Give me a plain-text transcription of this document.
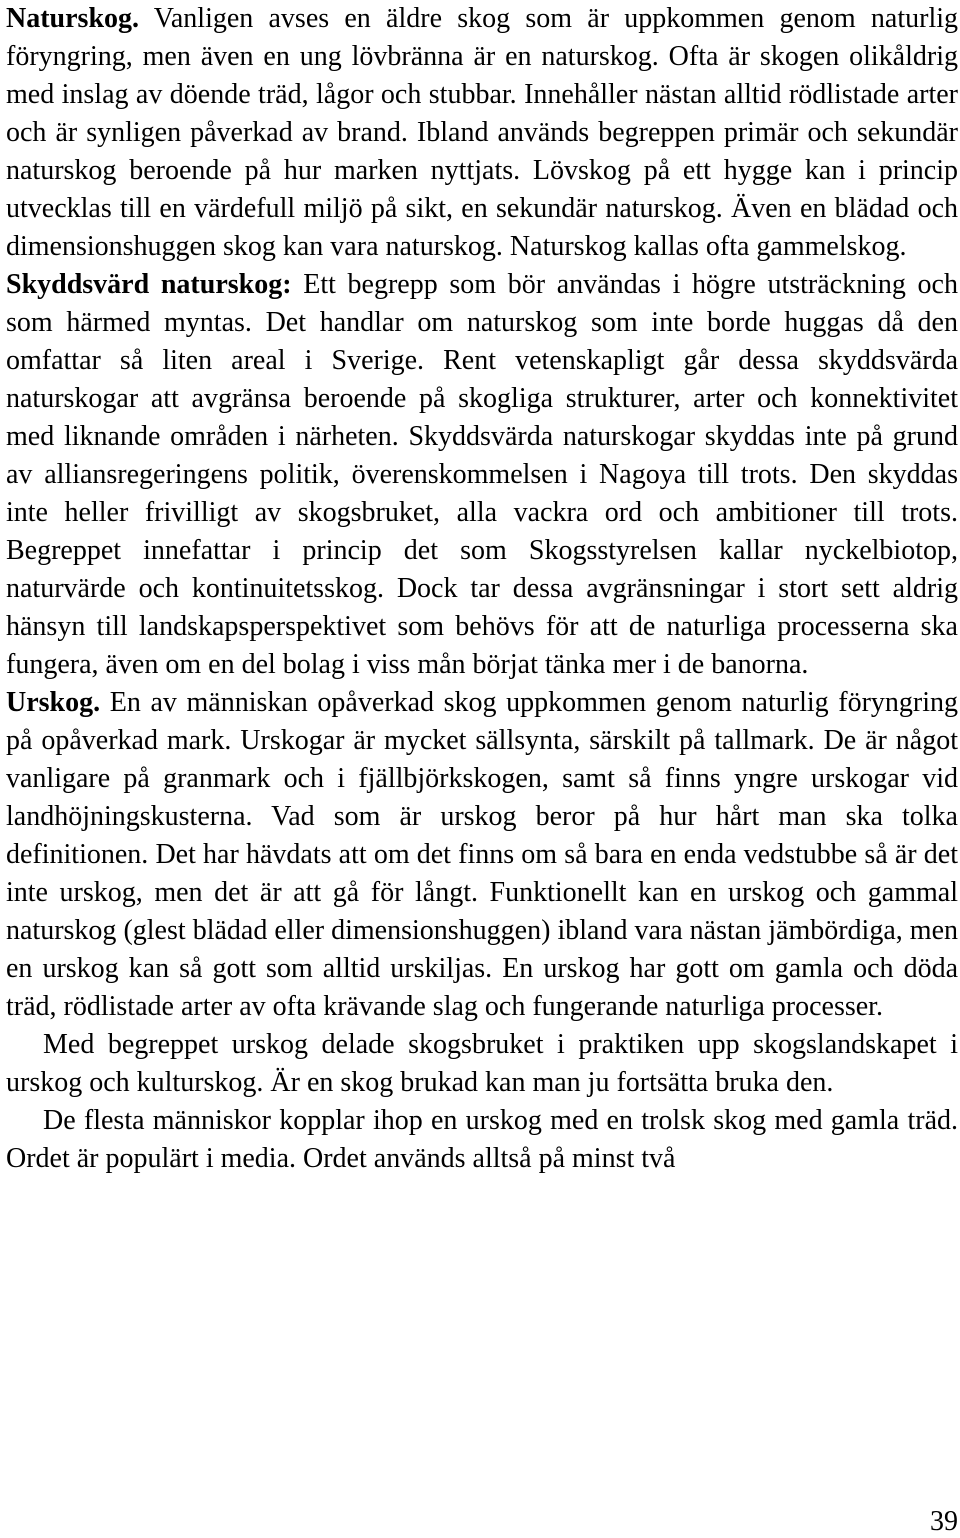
Naturskog. Vanligen avses en äldre skog som är uppkommen genom naturlig föryngring, men även en ung lövbränna är en naturskog. Ofta är skogen olikåldrig med inslag av döende träd, lågor och stubbar. Innehåller nästan alltid rödlistade arter och är synligen påverkad av brand. Ibland används begreppen primär och sekundär naturskog beroende på hur marken nyttjats. Lövskog på ett hygge kan i princip utvecklas till en värdefull miljö på sikt, en sekundär naturskog. Även en blädad och dimensionshuggen skog kan vara naturskog. Naturskog kallas ofta gammelskog.

Skyddsvärd naturskog: Ett begrepp som bör användas i högre utsträckning och som härmed myntas. Det handlar om naturskog som inte borde huggas då den omfattar så liten areal i Sverige. Rent vetenskapligt går dessa skyddsvärda naturskogar att avgränsa beroende på skogliga strukturer, arter och konnektivitet med liknande områden i närheten. Skyddsvärda naturskogar skyddas inte på grund av alliansregeringens politik, överenskommelsen i Nagoya till trots. Den skyddas inte heller frivilligt av skogsbruket, alla vackra ord och ambitioner till trots. Begreppet innefattar i princip det som Skogsstyrelsen kallar nyckelbiotop, naturvärde och kontinuitetsskog. Dock tar dessa avgränsningar i stort sett aldrig hänsyn till landskapsperspektivet som behövs för att de naturliga processerna ska fungera, även om en del bolag i viss mån börjat tänka mer i de banorna.

Urskog. En av människan opåverkad skog uppkommen genom naturlig föryngring på opåverkad mark. Urskogar är mycket sällsynta, särskilt på tallmark. De är något vanligare på granmark och i fjällbjörkskogen, samt så finns yngre urskogar vid landhöjningskusterna. Vad som är urskog beror på hur hårt man ska tolka definitionen. Det har hävdats att om det finns om så bara en enda vedstubbe så är det inte urskog, men det är att gå för långt. Funktionellt kan en urskog och gammal naturskog (glest blädad eller dimensionshuggen) ibland vara nästan jämbördiga, men en urskog kan så gott som alltid urskiljas. En urskog har gott om gamla och döda träd, rödlistade arter av ofta krävande slag och fungerande naturliga processer.

Med begreppet urskog delade skogsbruket i praktiken upp skogslandskapet i urskog och kulturskog. Är en skog brukad kan man ju fortsätta bruka den.

De flesta människor kopplar ihop en urskog med en trolsk skog med gamla träd. Ordet är populärt i media. Ordet används alltså på minst två

39
